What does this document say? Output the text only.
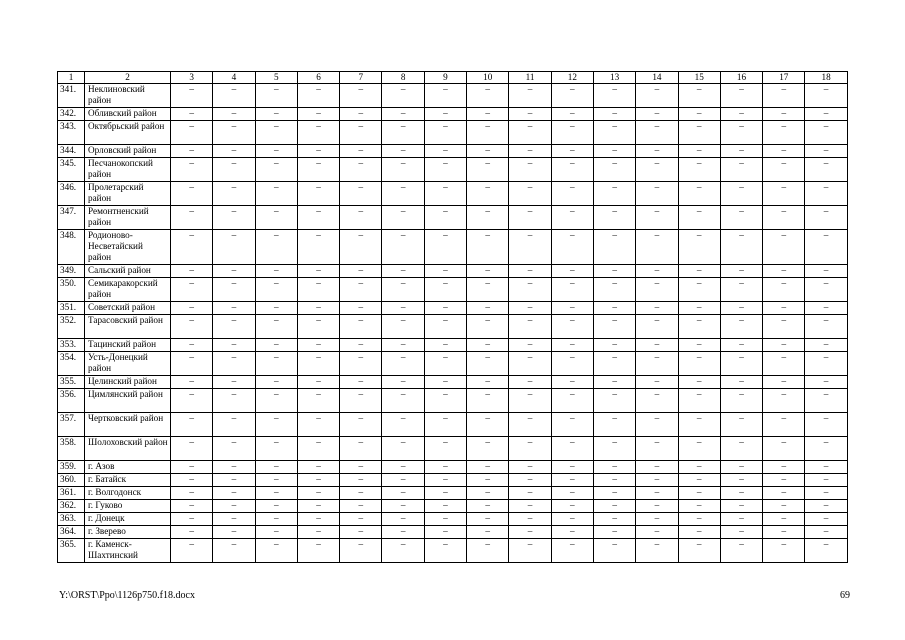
1	2	3	4	5	6	7	8	9	10	11	12	13	14	15	16	17	18
341.	Неклиновский район	–	–	–	–	–	–	–	–	–	–	–	–	–	–	–	–
342.	Обливский район	–	–	–	–	–	–	–	–	–	–	–	–	–	–	–	–
343.	Октябрьский район	–	–	–	–	–	–	–	–	–	–	–	–	–	–	–	–
344.	Орловский район	–	–	–	–	–	–	–	–	–	–	–	–	–	–	–	–
345.	Песчанокопский район	–	–	–	–	–	–	–	–	–	–	–	–	–	–	–	–
346.	Пролетарский район	–	–	–	–	–	–	–	–	–	–	–	–	–	–	–	–
347.	Ремонтненский район	–	–	–	–	–	–	–	–	–	–	–	–	–	–	–	–
348.	Родионово-Несветайский район	–	–	–	–	–	–	–	–	–	–	–	–	–	–	–	–
349.	Сальский район	–	–	–	–	–	–	–	–	–	–	–	–	–	–	–	–
350.	Семикаракорский район	–	–	–	–	–	–	–	–	–	–	–	–	–	–	–	–
351.	Советский район	–	–	–	–	–	–	–	–	–	–	–	–	–	–	–	–
352.	Тарасовский район	–	–	–	–	–	–	–	–	–	–	–	–	–	–	–	–
353.	Тацинский район	–	–	–	–	–	–	–	–	–	–	–	–	–	–	–	–
354.	Усть-Донецкий район	–	–	–	–	–	–	–	–	–	–	–	–	–	–	–	–
355.	Целинский район	–	–	–	–	–	–	–	–	–	–	–	–	–	–	–	–
356.	Цимлянский район	–	–	–	–	–	–	–	–	–	–	–	–	–	–	–	–
357.	Чертковский район	–	–	–	–	–	–	–	–	–	–	–	–	–	–	–	–
358.	Шолоховский район	–	–	–	–	–	–	–	–	–	–	–	–	–	–	–	–
359.	г. Азов	–	–	–	–	–	–	–	–	–	–	–	–	–	–	–	–
360.	г. Батайск	–	–	–	–	–	–	–	–	–	–	–	–	–	–	–	–
361.	г. Волгодонск	–	–	–	–	–	–	–	–	–	–	–	–	–	–	–	–
362.	г. Гуково	–	–	–	–	–	–	–	–	–	–	–	–	–	–	–	–
363.	г. Донецк	–	–	–	–	–	–	–	–	–	–	–	–	–	–	–	–
364.	г. Зверево	–	–	–	–	–	–	–	–	–	–	–	–	–	–	–	–
365.	г. Каменск-Шахтинский	–	–	–	–	–	–	–	–	–	–	–	–	–	–	–	–
Y:\ORST\Ppo\1126p750.f18.docx	69
